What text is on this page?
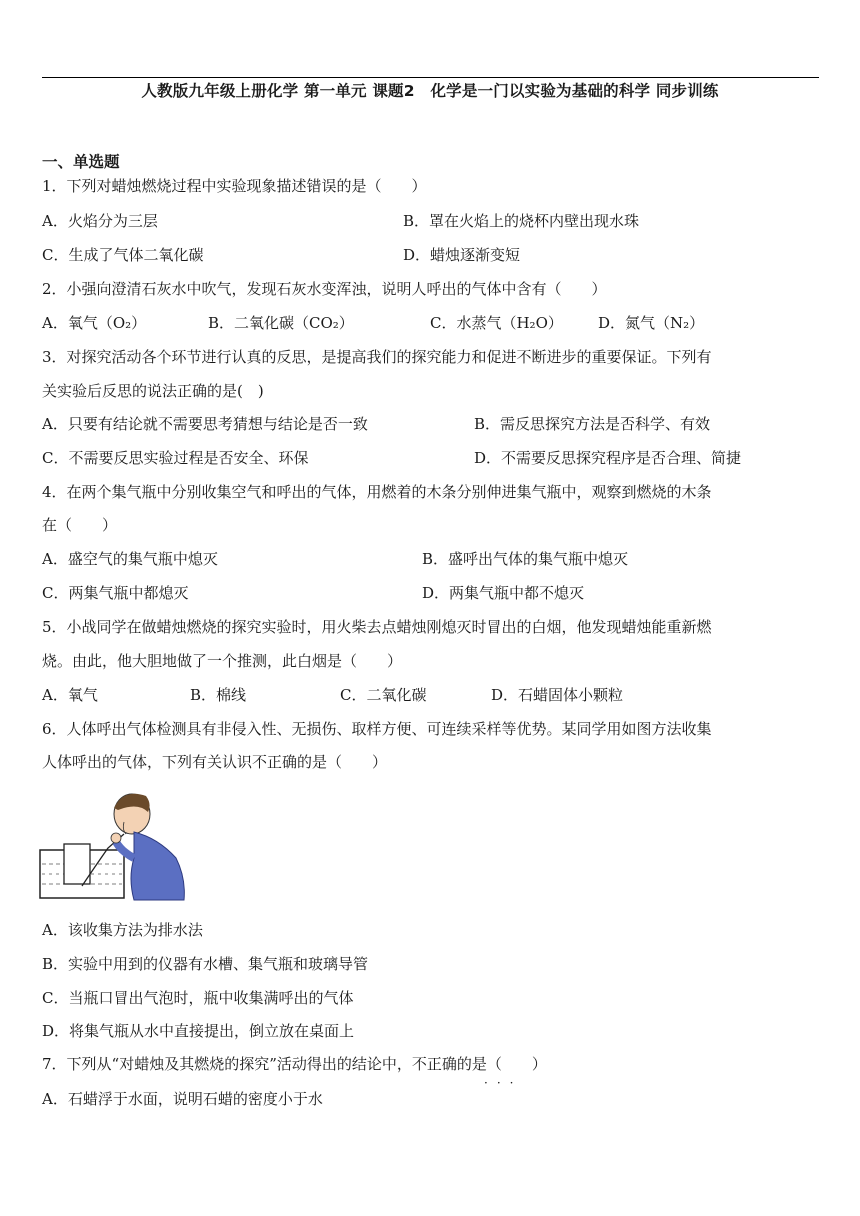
人教版九年级上册化学 第一单元 课题2　化学是一门以实验为基础的科学 同步训练
一、单选题
1．下列对蜡烛燃烧过程中实验现象描述错误的是（　　）
A．火焰分为三层	B．罩在火焰上的烧杯内壁出现水珠
C．生成了气体二氧化碳	D．蜡烛逐渐变短
2．小强向澄清石灰水中吹气，发现石灰水变浑浊，说明人呼出的气体中含有（　　）
A．氧气（O₂）	B．二氧化碳（CO₂）	C．水蒸气（H₂O） D．氮气（N₂）
3．对探究活动各个环节进行认真的反思，是提高我们的探究能力和促进不断进步的重要保证。下列有
关实验后反思的说法正确的是(　)
A．只要有结论就不需要思考猜想与结论是否一致	B．需反思探究方法是否科学、有效
C．不需要反思实验过程是否安全、环保	D．不需要反思探究程序是否合理、简捷
4．在两个集气瓶中分别收集空气和呼出的气体，用燃着的木条分别伸进集气瓶中，观察到燃烧的木条
在（　　）
A．盛空气的集气瓶中熄灭	B．盛呼出气体的集气瓶中熄灭
C．两集气瓶中都熄灭	D．两集气瓶中都不熄灭
5．小战同学在做蜡烛燃烧的探究实验时，用火柴去点蜡烛刚熄灭时冒出的白烟，他发现蜡烛能重新燃
烧。由此，他大胆地做了一个推测，此白烟是（　　）
A．氧气	B．棉线	C．二氧化碳	D．石蜡固体小颗粒
6．人体呼出气体检测具有非侵入性、无损伤、取样方便、可连续采样等优势。某同学用如图方法收集
人体呼出的气体，下列有关认识不正确的是（　　）
A．该收集方法为排水法
B．实验中用到的仪器有水槽、集气瓶和玻璃导管
C．当瓶口冒出气泡时，瓶中收集满呼出的气体
D．将集气瓶从水中直接提出，倒立放在桌面上
7．下列从“对蜡烛及其燃烧的探究”活动得出的结论中，不正确的是（　　）
···
A．石蜡浮于水面，说明石蜡的密度小于水
